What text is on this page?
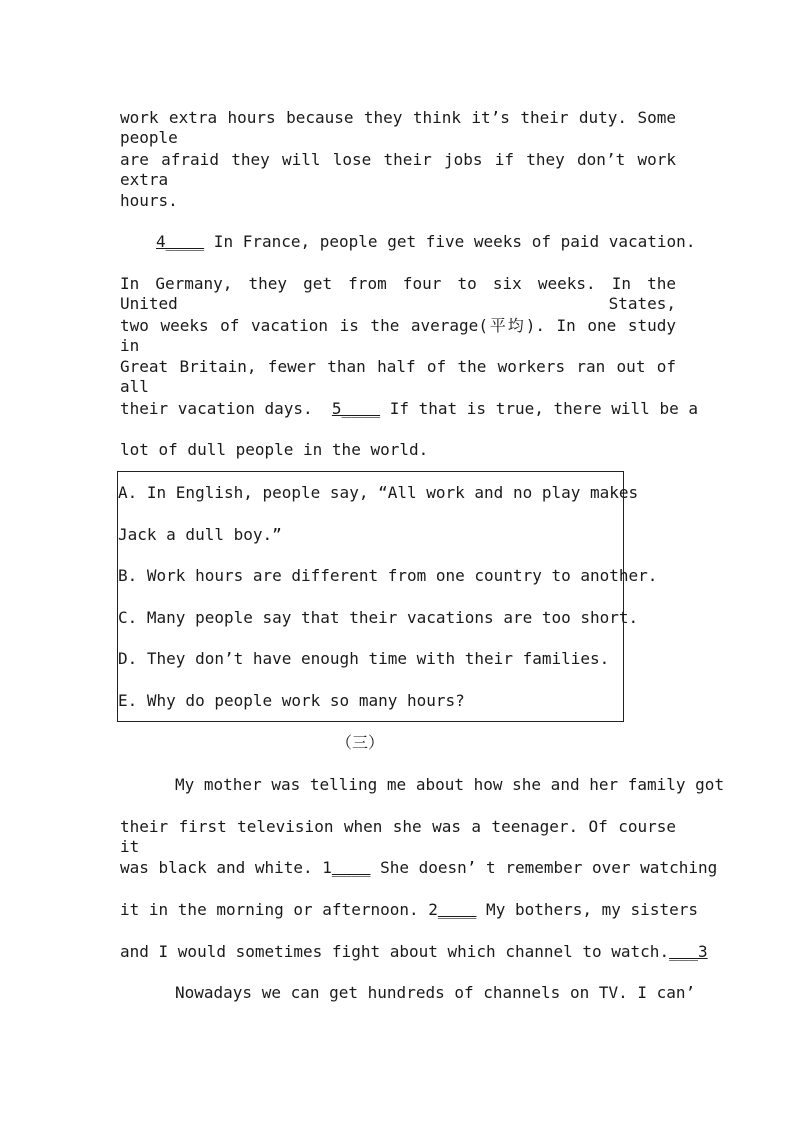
work extra hours because they think it’s their duty. Some people
are afraid they will lose their jobs if they don’t work extra
hours.
4____ In France, people get five weeks of paid vacation.
In Germany, they get from four to six weeks. In the United States,
two weeks of vacation is the average(平均). In one study in
Great Britain, fewer than half of the workers ran out of all
their vacation days.  5____ If that is true, there will be a
lot of dull people in the world.
A. In English, people say, “All work and no play makes
Jack a dull boy.”
B. Work hours are different from one country to another.
C. Many people say that their vacations are too short.
D. They don’t have enough time with their families.
E. Why do people work so many hours?
（三）
My mother was telling me about how she and her family got
their first television when she was a teenager. Of course it
was black and white. 1____ She doesn’ t remember over watching
it in the morning or afternoon. 2____ My bothers, my sisters
and I would sometimes fight about which channel to watch.___3
Nowadays we can get hundreds of channels on TV. I can’
